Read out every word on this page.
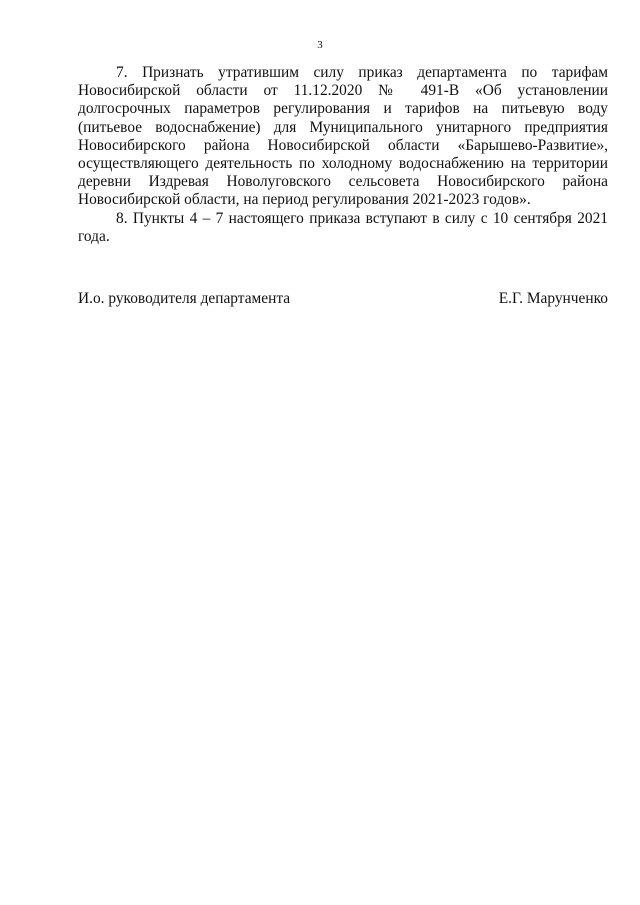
3

7. Признать утратившим силу приказ департамента по тарифам Новосибирской области от 11.12.2020 № 491-В «Об установлении долгосрочных параметров регулирования и тарифов на питьевую воду (питьевое водоснабжение) для Муниципального унитарного предприятия Новосибирского района Новосибирской области «Барышево-Развитие», осуществляющего деятельность по холодному водоснабжению на территории деревни Издревая Новолуговского сельсовета Новосибирского района Новосибирской области, на период регулирования 2021-2023 годов».

8. Пункты 4 – 7 настоящего приказа вступают в силу с 10 сентября 2021 года.

И.о. руководителя департамента	Е.Г. Марунченко
